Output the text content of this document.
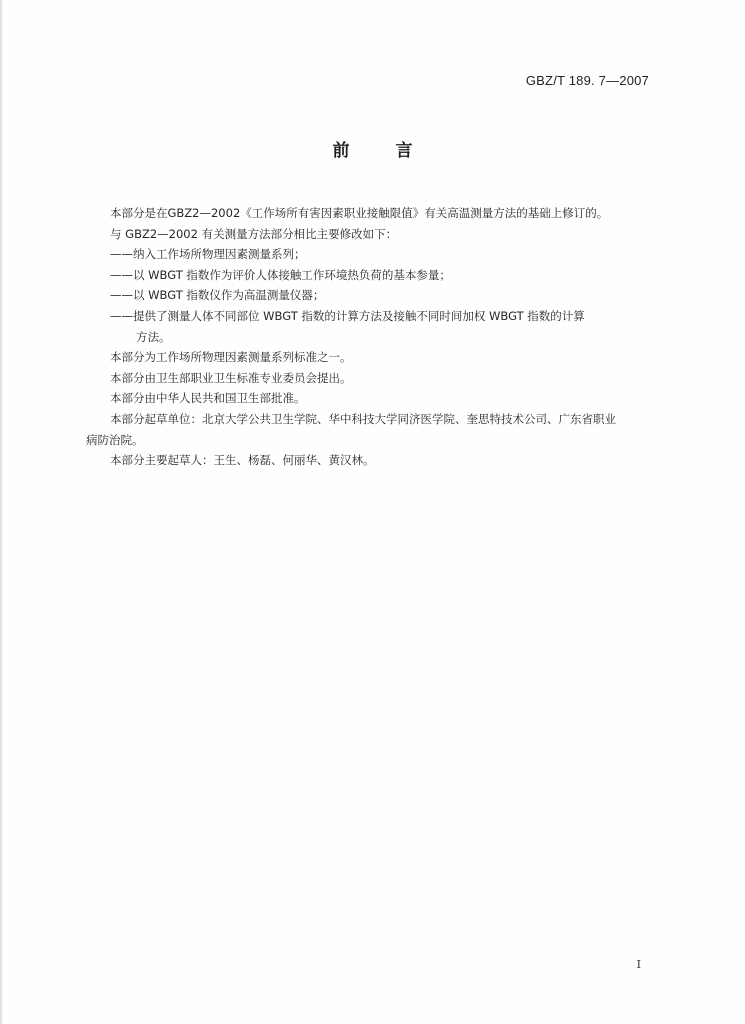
GBZ/T 189. 7—2007
前言

本部分是在GBZ2—2002《工作场所有害因素职业接触限值》有关高温测量方法的基础上修订的。

与 GBZ2—2002 有关测量方法部分相比主要修改如下：

——纳入工作场所物理因素测量系列；

——以 WBGT 指数作为评价人体接触工作环境热负荷的基本参量；

——以 WBGT 指数仪作为高温测量仪器；

——提供了测量人体不同部位 WBGT 指数的计算方法及接触不同时间加权 WBGT 指数的计算

方法。

本部分为工作场所物理因素测量系列标准之一。

本部分由卫生部职业卫生标准专业委员会提出。

本部分由中华人民共和国卫生部批准。

本部分起草单位：北京大学公共卫生学院、华中科技大学同济医学院、奎思特技术公司、广东省职业

病防治院。

本部分主要起草人：王生、杨磊、何丽华、黄汉林。

I
